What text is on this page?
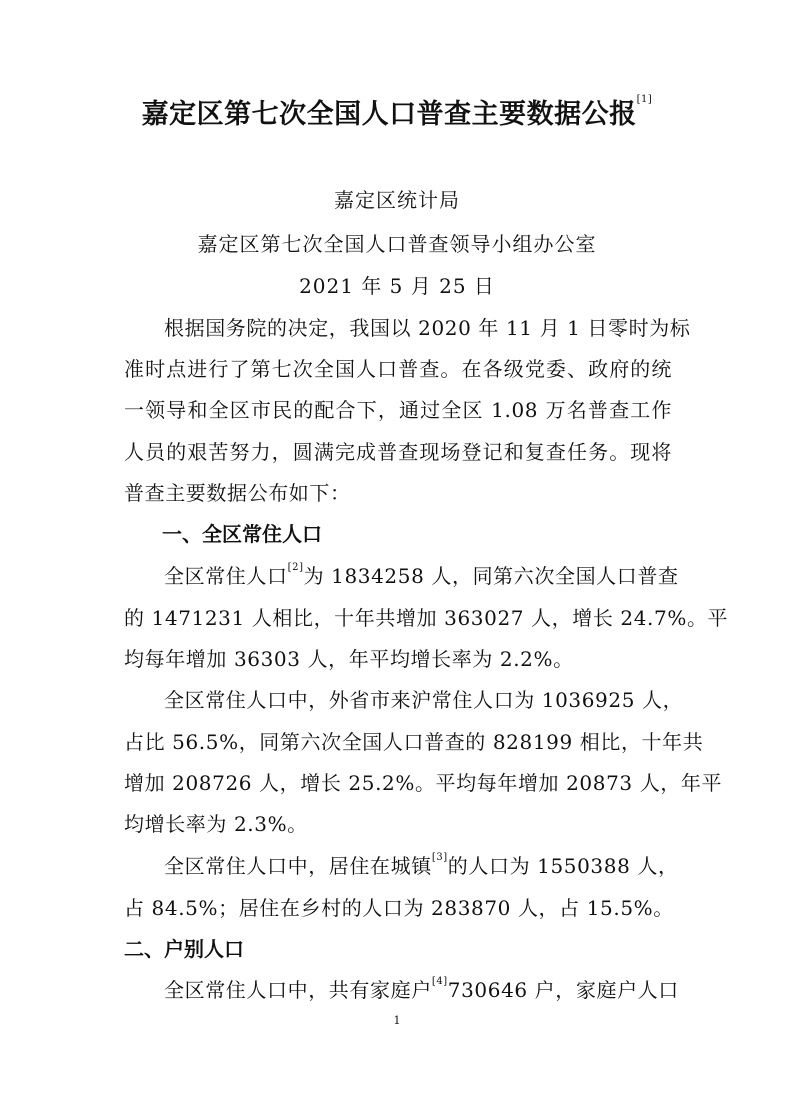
嘉定区第七次全国人口普查主要数据公报[1]
嘉定区统计局
嘉定区第七次全国人口普查领导小组办公室
2021 年 5 月 25 日
根据国务院的决定，我国以 2020 年 11 月 1 日零时为标
准时点进行了第七次全国人口普查。在各级党委、政府的统
一领导和全区市民的配合下，通过全区 1.08 万名普查工作
人员的艰苦努力，圆满完成普查现场登记和复查任务。现将
普查主要数据公布如下：
一、全区常住人口
全区常住人口[2]为 1834258 人，同第六次全国人口普查
的 1471231 人相比，十年共增加 363027 人，增长 24.7%。平
均每年增加 36303 人，年平均增长率为 2.2%。
全区常住人口中，外省市来沪常住人口为 1036925 人，
占比 56.5%，同第六次全国人口普查的 828199 相比，十年共
增加 208726 人，增长 25.2%。平均每年增加 20873 人，年平
均增长率为 2.3%。
全区常住人口中，居住在城镇[3]的人口为 1550388 人，
占 84.5%；居住在乡村的人口为 283870 人，占 15.5%。
二、户别人口
全区常住人口中，共有家庭户[4]730646 户，家庭户人口
1
